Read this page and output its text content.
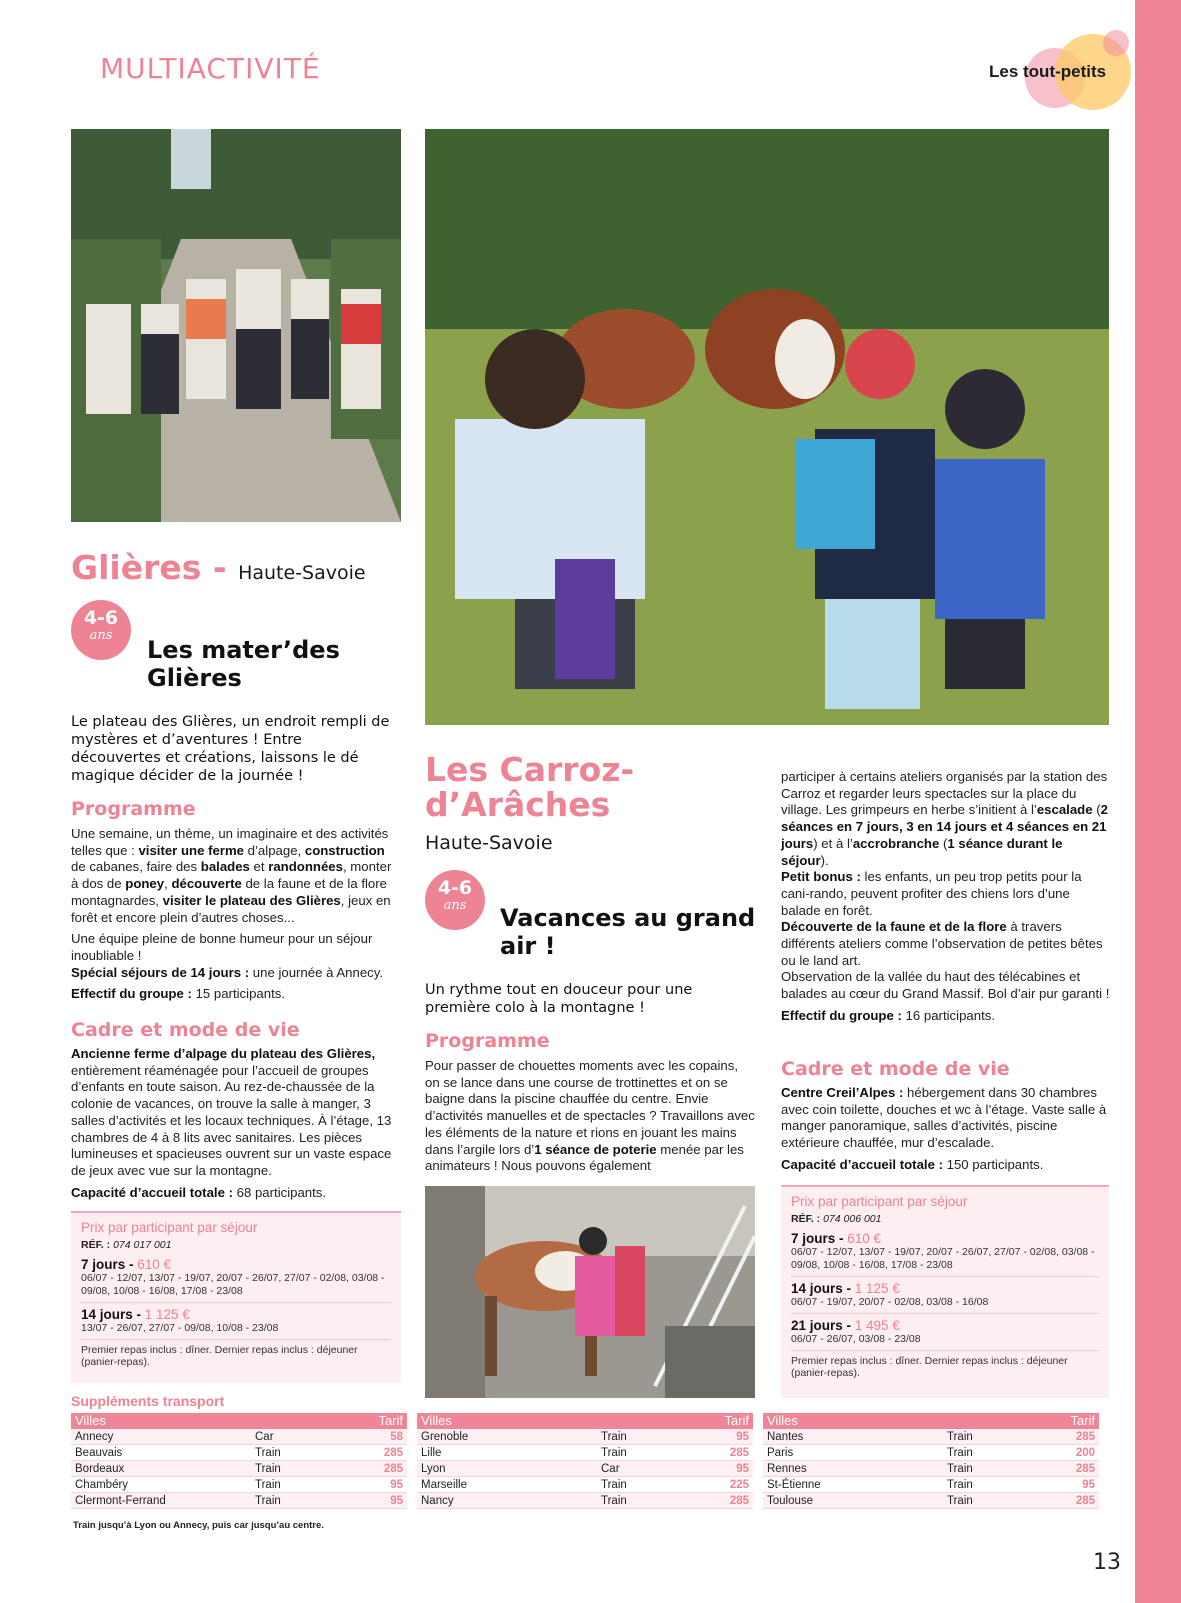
MULTIACTIVITÉ	Les tout-petits
Glières - Haute-Savoie
4-6
ans
Les mater’des Glières
Le plateau des Glières, un endroit rempli de mystères et d’aventures ! Entre découvertes et créations, laissons le dé magique décider de la journée !
Programme

Une semaine, un thème, un imaginaire et des activités telles que : visiter une ferme d’alpage, construction de cabanes, faire des balades et randonnées, monter à dos de poney, découverte de la faune et de la flore montagnardes, visiter le plateau des Glières, jeux en forêt et encore plein d’autres choses...

Une équipe pleine de bonne humeur pour un séjour inoubliable !

Spécial séjours de 14 jours : une journée à Annecy.

Effectif du groupe : 15 participants.

Cadre et mode de vie

Ancienne ferme d’alpage du plateau des Glières, entièrement réaménagée pour l’accueil de groupes d’enfants en toute saison. Au rez-de-chaussée de la colonie de vacances, on trouve la salle à manger, 3 salles d’activités et les locaux techniques. À l’étage, 13 chambres de 4 à 8 lits avec sanitaires. Les pièces lumineuses et spacieuses ouvrent sur un vaste espace de jeux avec vue sur la montagne.

Capacité d’accueil totale : 68 participants.

Prix par participant par séjour
RÉF. : 074 017 001
7 jours - 610 €
06/07 - 12/07, 13/07 - 19/07, 20/07 - 26/07, 27/07 - 02/08, 03/08 - 09/08, 10/08 - 16/08, 17/08 - 23/08
14 jours - 1 125 €
13/07 - 26/07, 27/07 - 09/08, 10/08 - 23/08
Premier repas inclus : dîner. Dernier repas inclus : déjeuner (panier-repas).
Les Carroz-d’Arâches
Haute-Savoie
4-6
ans	Vacances au grand air !
Un rythme tout en douceur pour une première colo à la montagne !
Programme

Pour passer de chouettes moments avec les copains, on se lance dans une course de trottinettes et on se baigne dans la piscine chauffée du centre. Envie d’activités manuelles et de spectacles ? Travaillons avec les éléments de la nature et rions en jouant les mains dans l’argile lors d’1 séance de poterie menée par les animateurs ! Nous pouvons également

participer à certains ateliers organisés par la station des Carroz et regarder leurs spectacles sur la place du village. Les grimpeurs en herbe s’initient à l’escalade (2 séances en 7 jours, 3 en 14 jours et 4 séances en 21 jours) et à l’accrobranche (1 séance durant le séjour).

Petit bonus : les enfants, un peu trop petits pour la cani-rando, peuvent profiter des chiens lors d’une balade en forêt.

Découverte de la faune et de la flore à travers différents ateliers comme l’observation de petites bêtes ou le land art.

Observation de la vallée du haut des télécabines et balades au cœur du Grand Massif. Bol d’air pur garanti !

Effectif du groupe : 16 participants.

Cadre et mode de vie

Centre Creil’Alpes : hébergement dans 30 chambres avec coin toilette, douches et wc à l’étage. Vaste salle à manger panoramique, salles d’activités, piscine extérieure chauffée, mur d’escalade.

Capacité d’accueil totale : 150 participants.

Prix par participant par séjour
RÉF. : 074 006 001
7 jours - 610 €
06/07 - 12/07, 13/07 - 19/07, 20/07 - 26/07, 27/07 - 02/08, 03/08 - 09/08, 10/08 - 16/08, 17/08 - 23/08
14 jours - 1 125 €
06/07 - 19/07, 20/07 - 02/08, 03/08 - 16/08
21 jours - 1 495 €
06/07 - 26/07, 03/08 - 23/08
Premier repas inclus : dîner. Dernier repas inclus : déjeuner (panier-repas).
Suppléments transport
Villes	Tarif
Annecy	Car	58
Beauvais	Train	285
Bordeaux	Train	285
Chambéry	Train	95
Clermont-Ferrand	Train	95
Villes	Tarif
Grenoble	Train	95
Lille	Train	285
Lyon	Car	95
Marseille	Train	225
Nancy	Train	285
Villes	Tarif
Nantes	Train	285
Paris	Train	200
Rennes	Train	285
St-Étienne	Train	95
Toulouse	Train	285
Train jusqu’à Lyon ou Annecy, puis car jusqu’au centre.
13
